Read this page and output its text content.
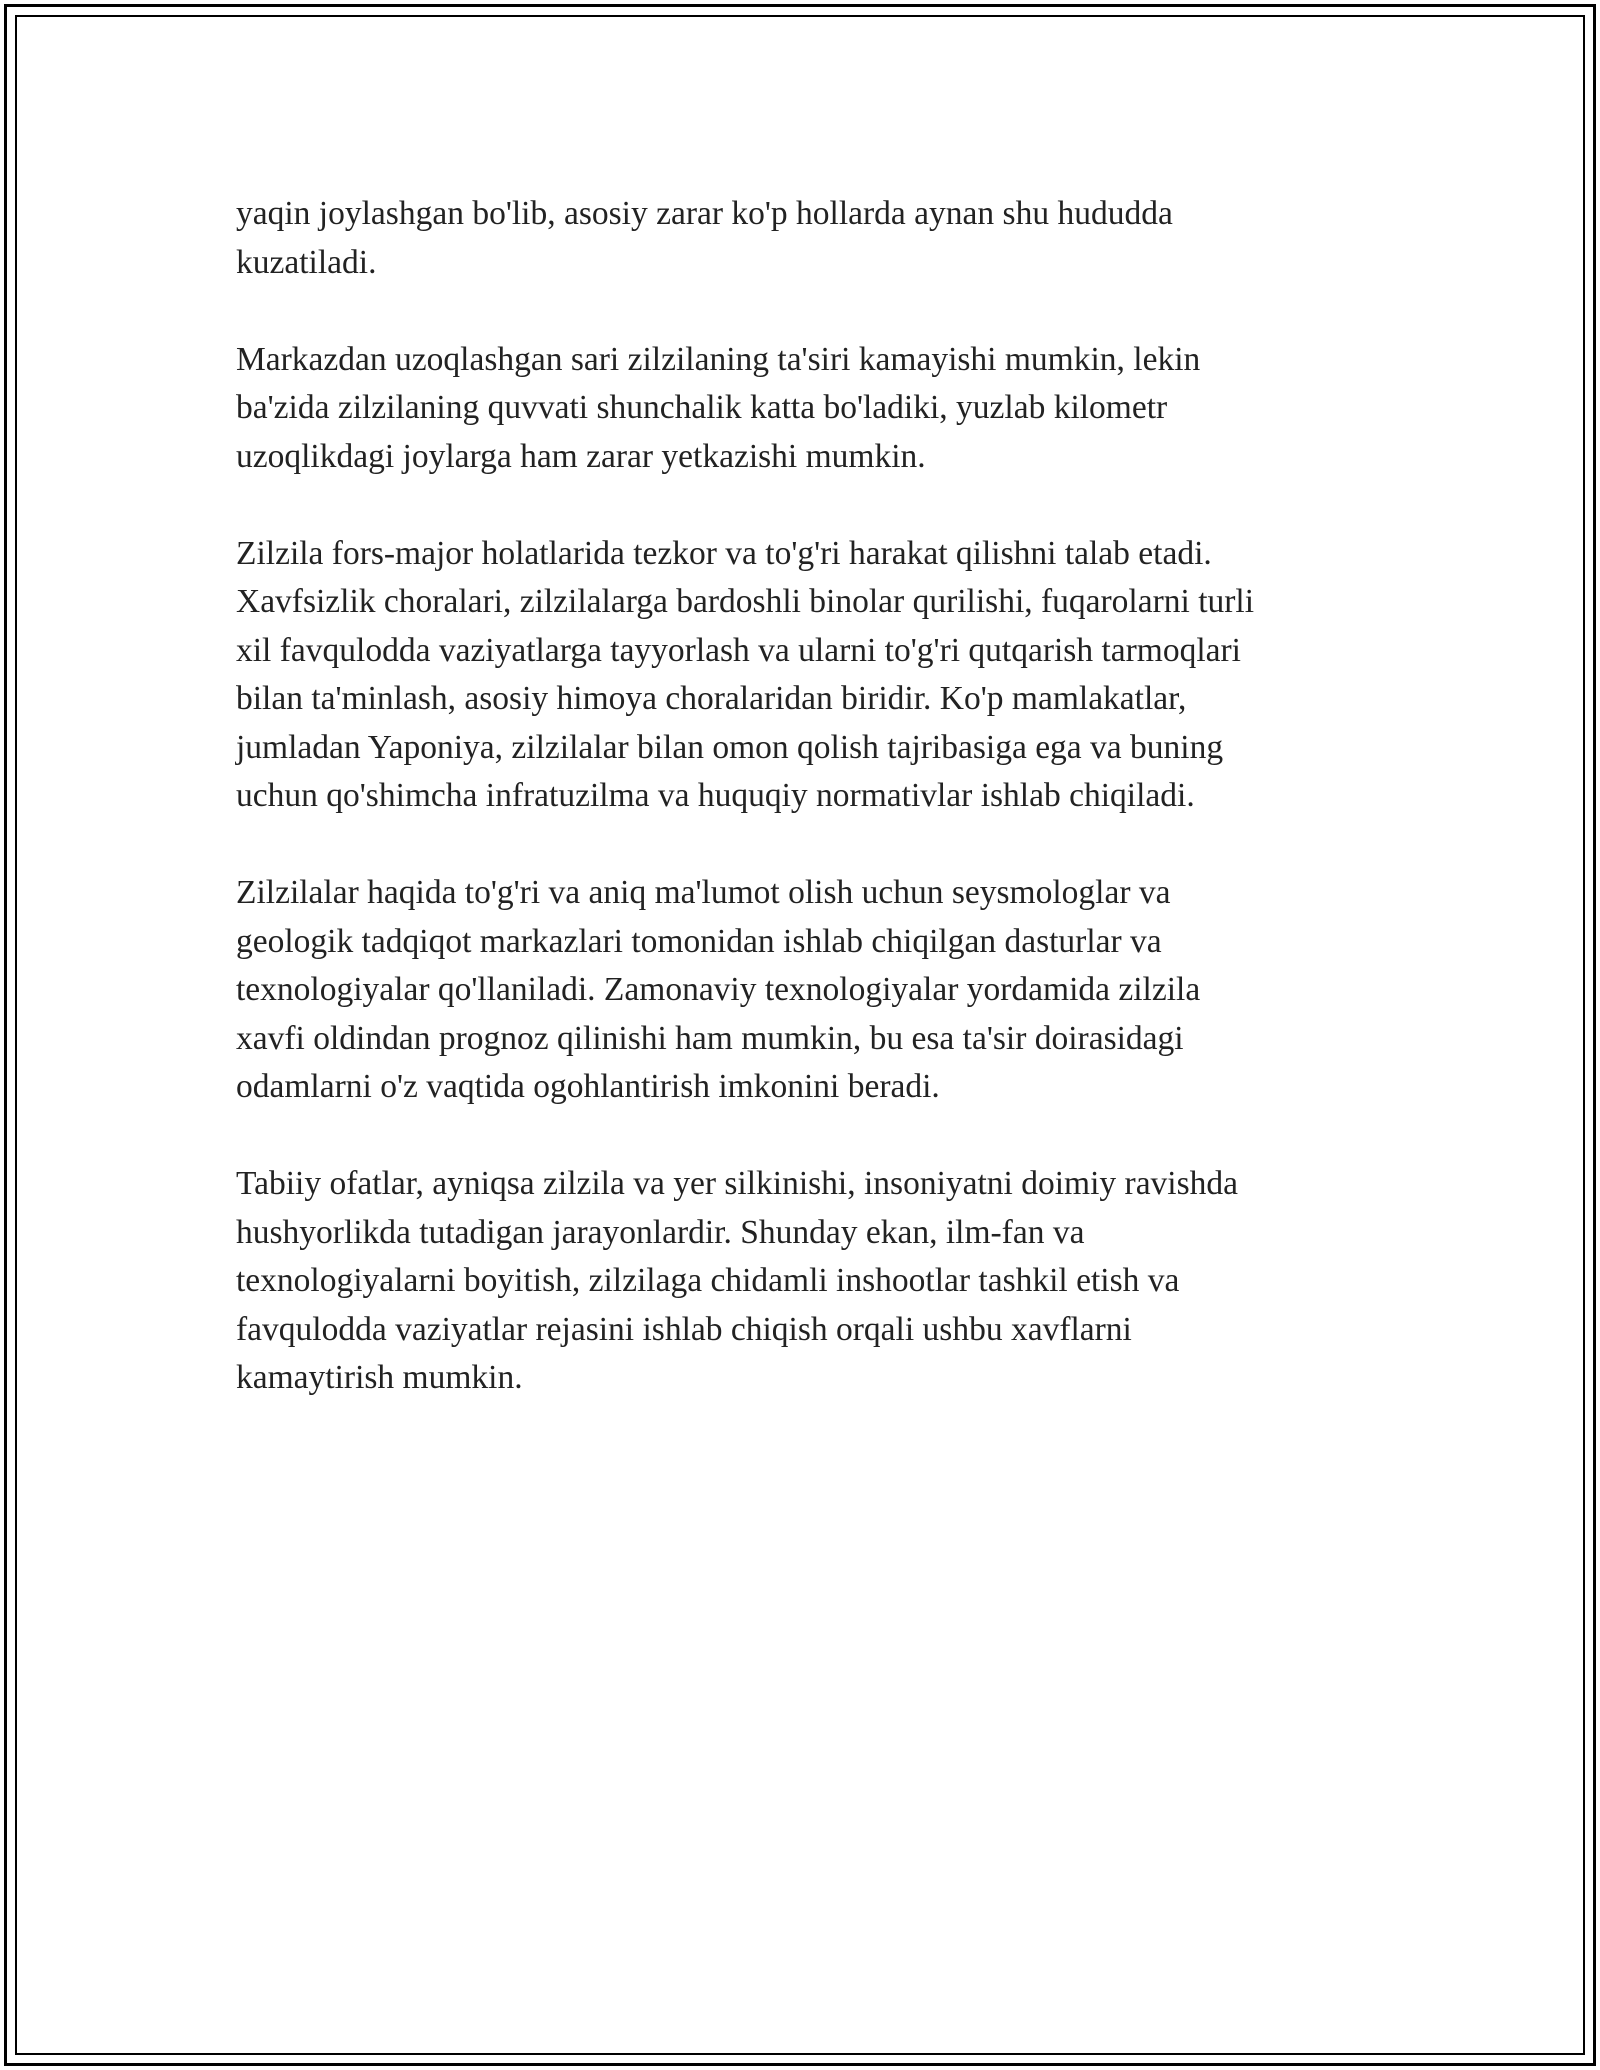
yaqin joylashgan bo'lib, asosiy zarar ko'p hollarda aynan shu hududda
kuzatiladi.

Markazdan uzoqlashgan sari zilzilaning ta'siri kamayishi mumkin, lekin
ba'zida zilzilaning quvvati shunchalik katta bo'ladiki, yuzlab kilometr
uzoqlikdagi joylarga ham zarar yetkazishi mumkin.

Zilzila fors-major holatlarida tezkor va to'g'ri harakat qilishni talab etadi.
Xavfsizlik choralari, zilzilalarga bardoshli binolar qurilishi, fuqarolarni turli
xil favqulodda vaziyatlarga tayyorlash va ularni to'g'ri qutqarish tarmoqlari
bilan ta'minlash, asosiy himoya choralaridan biridir. Ko'p mamlakatlar,
jumladan Yaponiya, zilzilalar bilan omon qolish tajribasiga ega va buning
uchun qo'shimcha infratuzilma va huquqiy normativlar ishlab chiqiladi.

Zilzilalar haqida to'g'ri va aniq ma'lumot olish uchun seysmologlar va
geologik tadqiqot markazlari tomonidan ishlab chiqilgan dasturlar va
texnologiyalar qo'llaniladi. Zamonaviy texnologiyalar yordamida zilzila
xavfi oldindan prognoz qilinishi ham mumkin, bu esa ta'sir doirasidagi
odamlarni o'z vaqtida ogohlantirish imkonini beradi.

Tabiiy ofatlar, ayniqsa zilzila va yer silkinishi, insoniyatni doimiy ravishda
hushyorlikda tutadigan jarayonlardir. Shunday ekan, ilm-fan va
texnologiyalarni boyitish, zilzilaga chidamli inshootlar tashkil etish va
favqulodda vaziyatlar rejasini ishlab chiqish orqali ushbu xavflarni
kamaytirish mumkin.
